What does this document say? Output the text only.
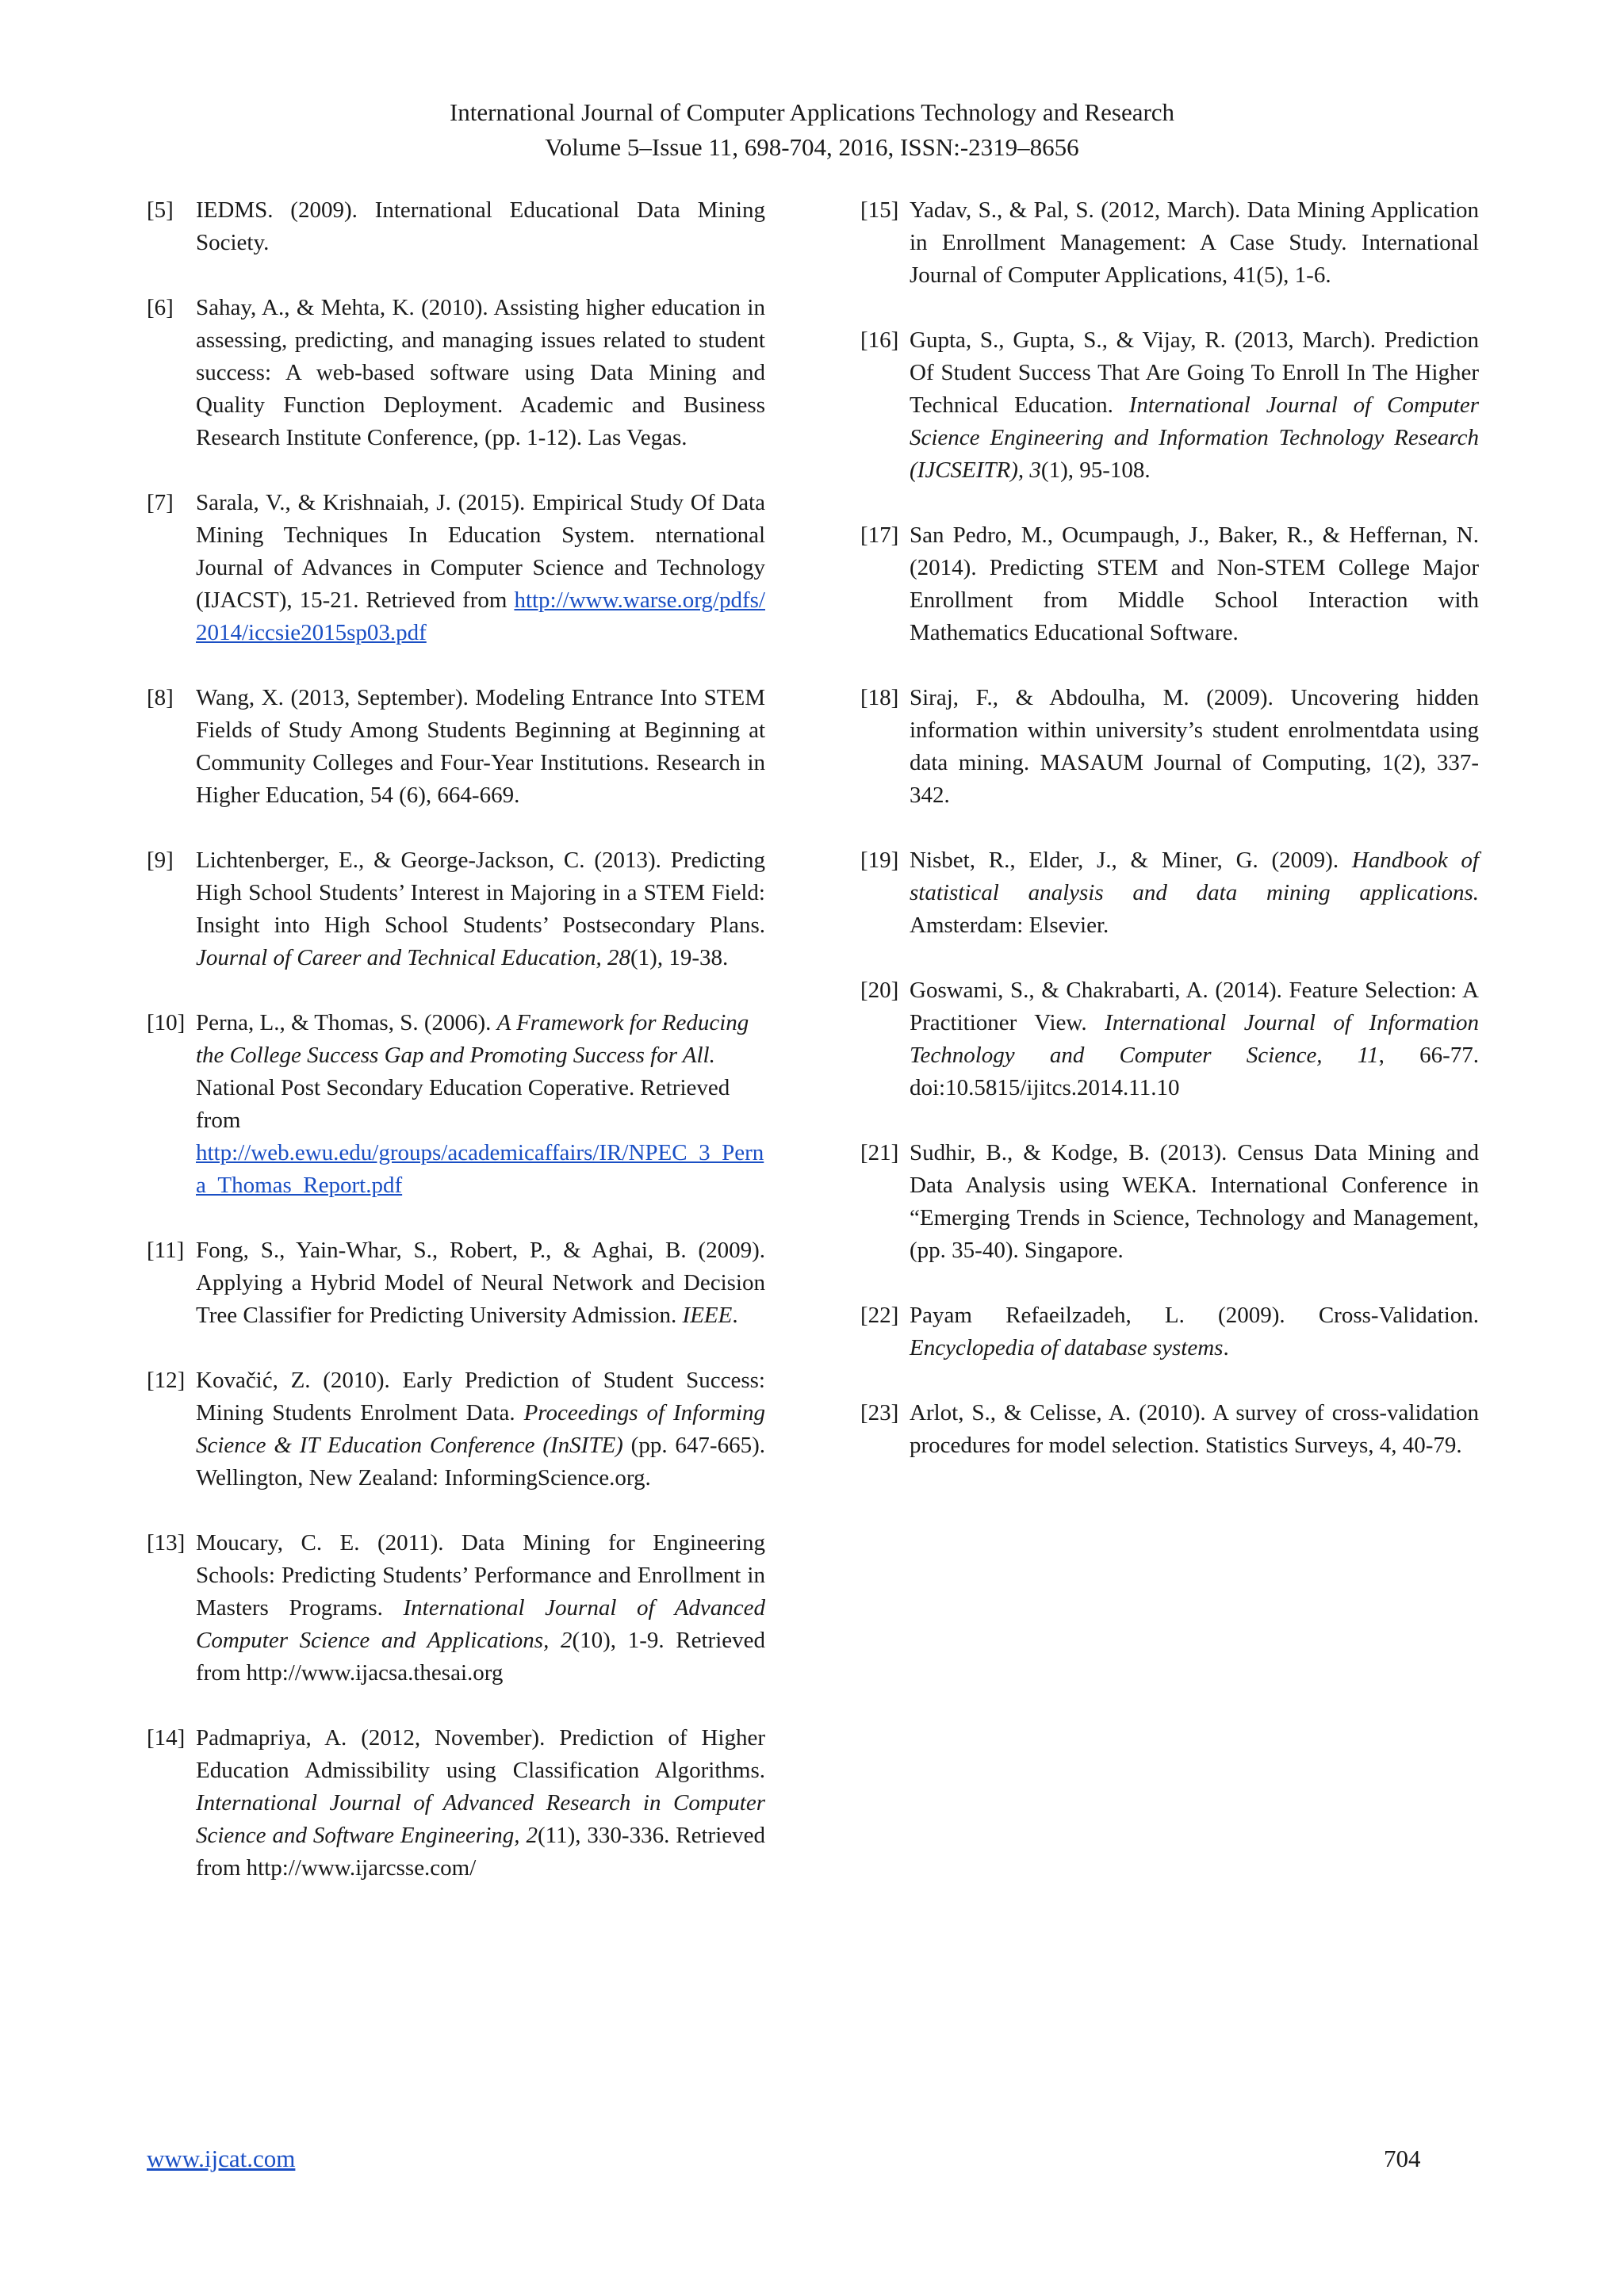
International Journal of Computer Applications Technology and Research
Volume 5–Issue 11, 698-704, 2016, ISSN:-2319–8656
[5] IEDMS. (2009). International Educational Data Mining Society.
[6] Sahay, A., & Mehta, K. (2010). Assisting higher education in assessing, predicting, and managing issues related to student success: A web-based software using Data Mining and Quality Function Deployment. Academic and Business Research Institute Conference, (pp. 1-12). Las Vegas.
[7] Sarala, V., & Krishnaiah, J. (2015). Empirical Study Of Data Mining Techniques In Education System. nternational Journal of Advances in Computer Science and Technology (IJACST), 15-21. Retrieved from http://www.warse.org/pdfs/2014/iccsie2015sp03.pdf
[8] Wang, X. (2013, September). Modeling Entrance Into STEM Fields of Study Among Students Beginning at Beginning at Community Colleges and Four-Year Institutions. Research in Higher Education, 54 (6), 664-669.
[9] Lichtenberger, E., & George-Jackson, C. (2013). Predicting High School Students’ Interest in Majoring in a STEM Field: Insight into High School Students’ Postsecondary Plans. Journal of Career and Technical Education, 28(1), 19-38.
[10] Perna, L., & Thomas, S. (2006). A Framework for Reducing the College Success Gap and Promoting Success for All. National Post Secondary Education Coperative. Retrieved from
http://web.ewu.edu/groups/academicaffairs/IR/NPEC_3_Perna_Thomas_Report.pdf
[11] Fong, S., Yain-Whar, S., Robert, P., & Aghai, B. (2009). Applying a Hybrid Model of Neural Network and Decision Tree Classifier for Predicting University Admission. IEEE.
[12] Kovačić, Z. (2010). Early Prediction of Student Success: Mining Students Enrolment Data. Proceedings of Informing Science & IT Education Conference (InSITE) (pp. 647-665). Wellington, New Zealand: InformingScience.org.
[13] Moucary, C. E. (2011). Data Mining for Engineering Schools: Predicting Students’ Performance and Enrollment in Masters Programs. International Journal of Advanced Computer Science and Applications, 2(10), 1-9. Retrieved from http://www.ijacsa.thesai.org
[14] Padmapriya, A. (2012, November). Prediction of Higher Education Admissibility using Classification Algorithms. International Journal of Advanced Research in Computer Science and Software Engineering, 2(11), 330-336. Retrieved from http://www.ijarcsse.com/
[15] Yadav, S., & Pal, S. (2012, March). Data Mining Application in Enrollment Management: A Case Study. International Journal of Computer Applications, 41(5), 1-6.
[16] Gupta, S., Gupta, S., & Vijay, R. (2013, March). Prediction Of Student Success That Are Going To Enroll In The Higher Technical Education. International Journal of Computer Science Engineering and Information Technology Research (IJCSEITR), 3(1), 95-108.
[17] San Pedro, M., Ocumpaugh, J., Baker, R., & Heffernan, N. (2014). Predicting STEM and Non-STEM College Major Enrollment from Middle School Interaction with Mathematics Educational Software.
[18] Siraj, F., & Abdoulha, M. (2009). Uncovering hidden information within university’s student enrolmentdata using data mining. MASAUM Journal of Computing, 1(2), 337-342.
[19] Nisbet, R., Elder, J., & Miner, G. (2009). Handbook of statistical analysis and data mining applications. Amsterdam: Elsevier.
[20] Goswami, S., & Chakrabarti, A. (2014). Feature Selection: A Practitioner View. International Journal of Information Technology and Computer Science, 11, 66-77. doi:10.5815/ijitcs.2014.11.10
[21] Sudhir, B., & Kodge, B. (2013). Census Data Mining and Data Analysis using WEKA. International Conference in “Emerging Trends in Science, Technology and Management, (pp. 35-40). Singapore.
[22] Payam Refaeilzadeh, L. (2009). Cross-Validation. Encyclopedia of database systems.
[23] Arlot, S., & Celisse, A. (2010). A survey of cross-validation procedures for model selection. Statistics Surveys, 4, 40-79.
www.ijcat.com	704
